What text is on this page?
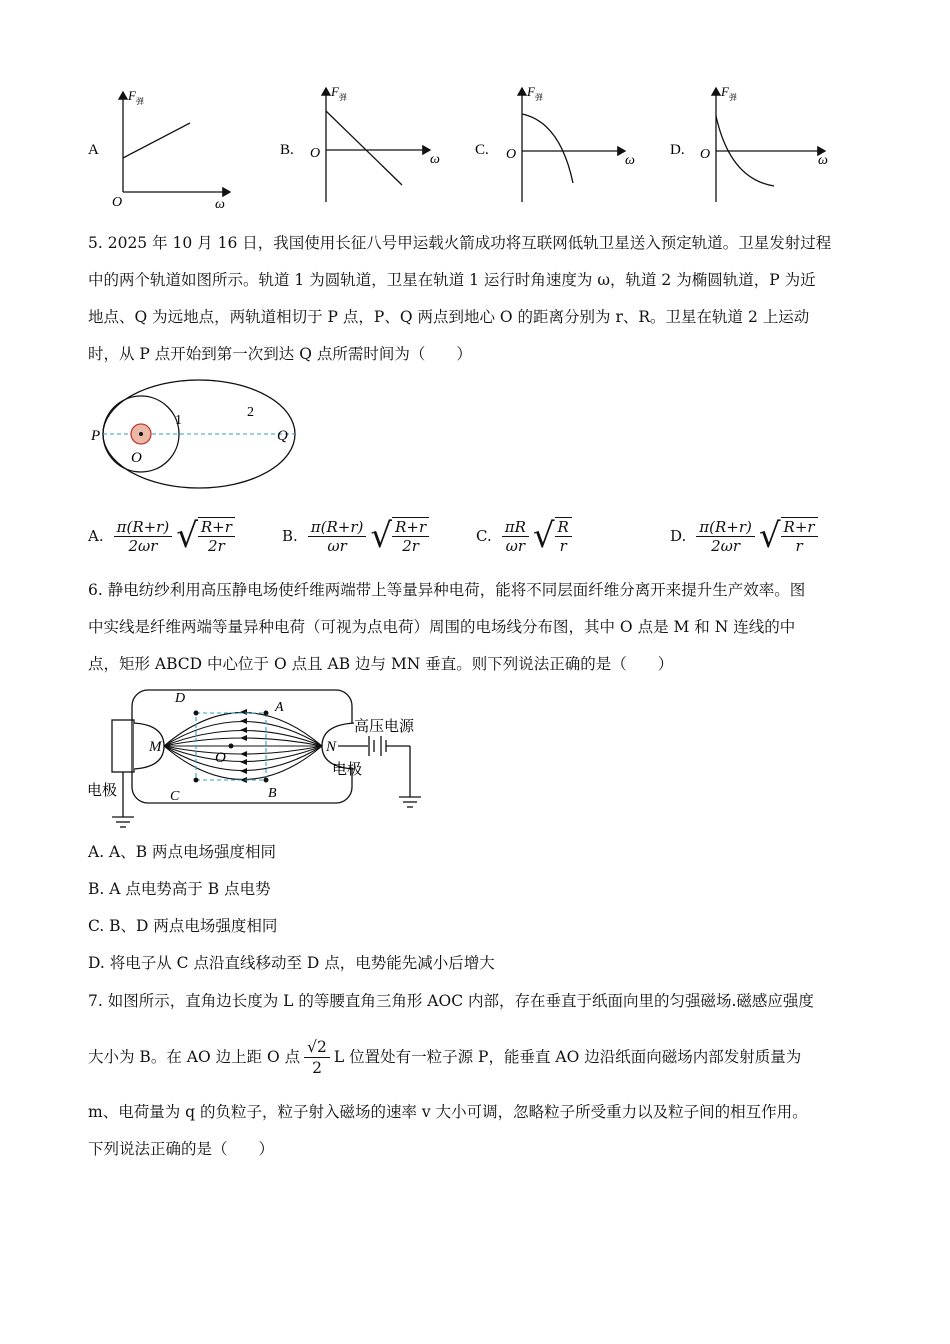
A
F 弹
O	ω
B.
F 弹
O	ω
C.
F 弹
O	ω
D.
F 弹
O	ω
5. 2025 年 10 月 16 日，我国使用长征八号甲运载火箭成功将互联网低轨卫星送入预定轨道。卫星发射过程
中的两个轨道如图所示。轨道 1 为圆轨道，卫星在轨道 1 运行时角速度为 ω，轨道 2 为椭圆轨道，P 为近
地点、Q 为远地点，两轨道相切于 P 点，P、Q 两点到地心 O 的距离分别为 r、R。卫星在轨道 2 上运动
时，从 P 点开始到第一次到达 Q 点所需时间为（　　）
P	Q
O
1
2
A. $\frac{\pi(R+r)}{2\omega r}$ √ $\frac{R+r}{2r}$	B. $\frac{\pi(R+r)}{\omega r}$ √ $\frac{R+r}{2r}$	C. $\frac{\pi R}{\omega r}$ √ $\frac{R}{r}$	D. $\frac{\pi(R+r)}{2\omega r}$ √ $\frac{R+r}{r}$
6. 静电纺纱利用高压静电场使纤维两端带上等量异种电荷，能将不同层面纤维分离开来提升生产效率。图
中实线是纤维两端等量异种电荷（可视为点电荷）周围的电场线分布图，其中 O 点是 M 和 N 连线的中
点，矩形 ABCD 中心位于 O 点且 AB 边与 MN 垂直。则下列说法正确的是（　　）
M	N
O
A
B
C
D
高压电源
电极
电极
A. A、B 两点电场强度相同
B. A 点电势高于 B 点电势
C. B、D 两点电场强度相同
D. 将电子从 C 点沿直线移动至 D 点，电势能先减小后增大
7. 如图所示，直角边长度为 L 的等腰直角三角形 AOC 内部，存在垂直于纸面向里的匀强磁场.磁感应强度
大小为 B。在 AO 边上距 O 点 $\frac{√2}{2}$ L 位置处有一粒子源 P，能垂直 AO 边沿纸面向磁场内部发射质量为
m、电荷量为 q 的负粒子，粒子射入磁场的速率 v 大小可调，忽略粒子所受重力以及粒子间的相互作用。
下列说法正确的是（　　）
